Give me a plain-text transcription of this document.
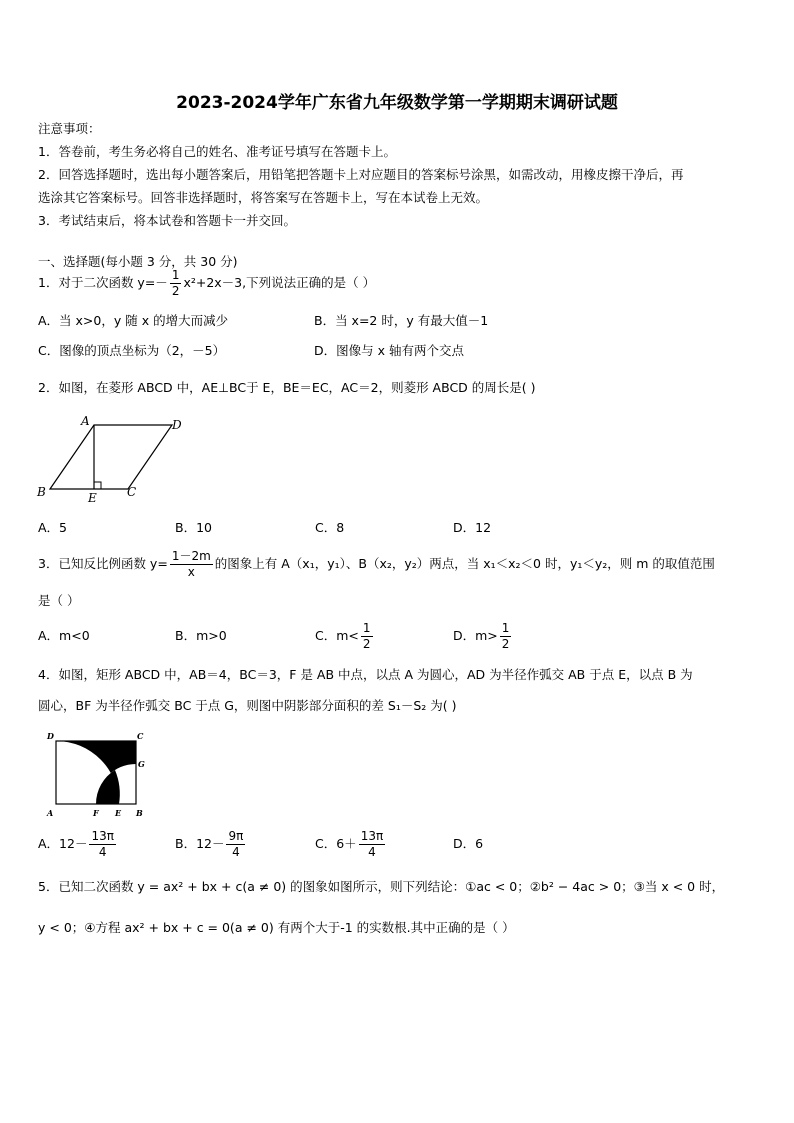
2023-2024学年广东省九年级数学第一学期期末调研试题
注意事项：
1．答卷前，考生务必将自己的姓名、准考证号填写在答题卡上。
2．回答选择题时，选出每小题答案后，用铅笔把答题卡上对应题目的答案标号涂黑，如需改动，用橡皮擦干净后，再
选涂其它答案标号。回答非选择题时，将答案写在答题卡上，写在本试卷上无效。
3．考试结束后，将本试卷和答题卡一并交回。
一、选择题(每小题 3 分，共 30 分)
1．对于二次函数 $y=- \frac{1}{2} x^2+2x-3$,下列说法正确的是（ ）
A．当 x>0，y 随 x 的增大而减少	B．当 x=2 时，y 有最大值－1
C．图像的顶点坐标为（2，－5）	D．图像与 x 轴有两个交点
2．如图，在菱形 ABCD 中，AE⊥BC于 E，BE＝EC，AC＝2，则菱形 ABCD 的周长是( )
A	D
B	C
E
A．5	B．10	C．8	D．12
3．已知反比例函数 $y= \frac{1-2m}{x}$ 的图象上有 A（x₁，y₁）、B（x₂，y₂）两点，当 x₁＜x₂＜0 时，y₁＜y₂，则 m 的取值范围
是（ ）
A．m<0	B．m>0	C．$m< \frac{1}{2}$	D．$m> \frac{1}{2}$
4．如图，矩形 ABCD 中，AB＝4，BC＝3，F 是 AB 中点，以点 A 为圆心，AD 为半径作弧交 AB 于点 E，以点 B 为
圆心，BF 为半径作弧交 BC 于点 G，则图中阴影部分面积的差 S₁－S₂ 为( )
D	C
G
A	F E B
A．$12- \frac{13\pi}{4}$	B．$12- \frac{9\pi}{4}$	C．$6+ \frac{13\pi}{4}$	D．6
5．已知二次函数 y = ax² + bx + c(a ≠ 0) 的图象如图所示，则下列结论：①ac < 0；②b² − 4ac > 0；③当 x < 0 时，
y < 0；④方程 ax² + bx + c = 0(a ≠ 0) 有两个大于-1 的实数根.其中正确的是（ ）
